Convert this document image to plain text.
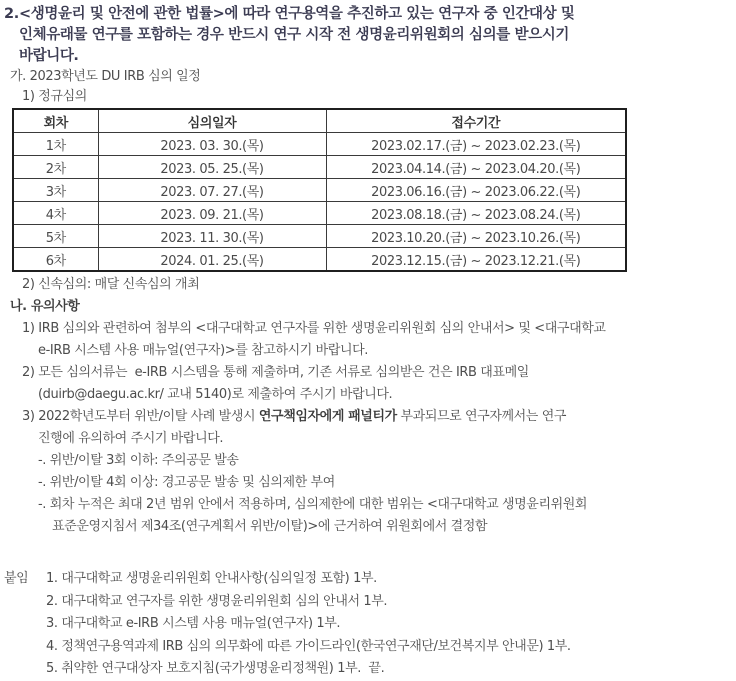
2. <생명윤리 및 안전에 관한 법률>에 따라 연구용역을 추진하고 있는 연구자 중 인간대상 및
인체유래물 연구를 포함하는 경우 반드시 연구 시작 전 생명윤리위원회의 심의를 받으시기
바랍니다.
가. 2023학년도 DU IRB 심의 일정
1) 정규심의
회차	심의일자	접수기간
1차	2023. 03. 30.(목)	2023.02.17.(금) ~ 2023.02.23.(목)
2차	2023. 05. 25.(목)	2023.04.14.(금) ~ 2023.04.20.(목)
3차	2023. 07. 27.(목)	2023.06.16.(금) ~ 2023.06.22.(목)
4차	2023. 09. 21.(목)	2023.08.18.(금) ~ 2023.08.24.(목)
5차	2023. 11. 30.(목)	2023.10.20.(금) ~ 2023.10.26.(목)
6차	2024. 01. 25.(목)	2023.12.15.(금) ~ 2023.12.21.(목)
2) 신속심의: 매달 신속심의 개최
나. 유의사항
1) IRB 심의와 관련하여 첨부의 <대구대학교 연구자를 위한 생명윤리위원회 심의 안내서> 및 <대구대학교
e-IRB 시스템 사용 매뉴얼(연구자)>를 참고하시기 바랍니다.
2) 모든 심의서류는  e-IRB 시스템을 통해 제출하며, 기존 서류로 심의받은 건은 IRB 대표메일
(duirb@daegu.ac.kr/ 교내 5140)로 제출하여 주시기 바랍니다.
3) 2022학년도부터 위반/이탈 사례 발생시 연구책임자에게 패널티가 부과되므로 연구자께서는 연구
진행에 유의하여 주시기 바랍니다.
-. 위반/이탈 3회 이하: 주의공문 발송
-. 위반/이탈 4회 이상: 경고공문 발송 및 심의제한 부여
-. 회차 누적은 최대 2년 범위 안에서 적용하며, 심의제한에 대한 범위는 <대구대학교 생명윤리위원회
표준운영지침서 제34조(연구계획서 위반/이탈)>에 근거하여 위원회에서 결정함
붙임	1. 대구대학교 생명윤리위원회 안내사항(심의일정 포함) 1부.
2. 대구대학교 연구자를 위한 생명윤리위원회 심의 안내서 1부.
3. 대구대학교 e-IRB 시스템 사용 매뉴얼(연구자) 1부.
4. 정책연구용역과제 IRB 심의 의무화에 따른 가이드라인(한국연구재단/보건복지부 안내문) 1부.
5. 취약한 연구대상자 보호지침(국가생명윤리정책원) 1부.  끝.
